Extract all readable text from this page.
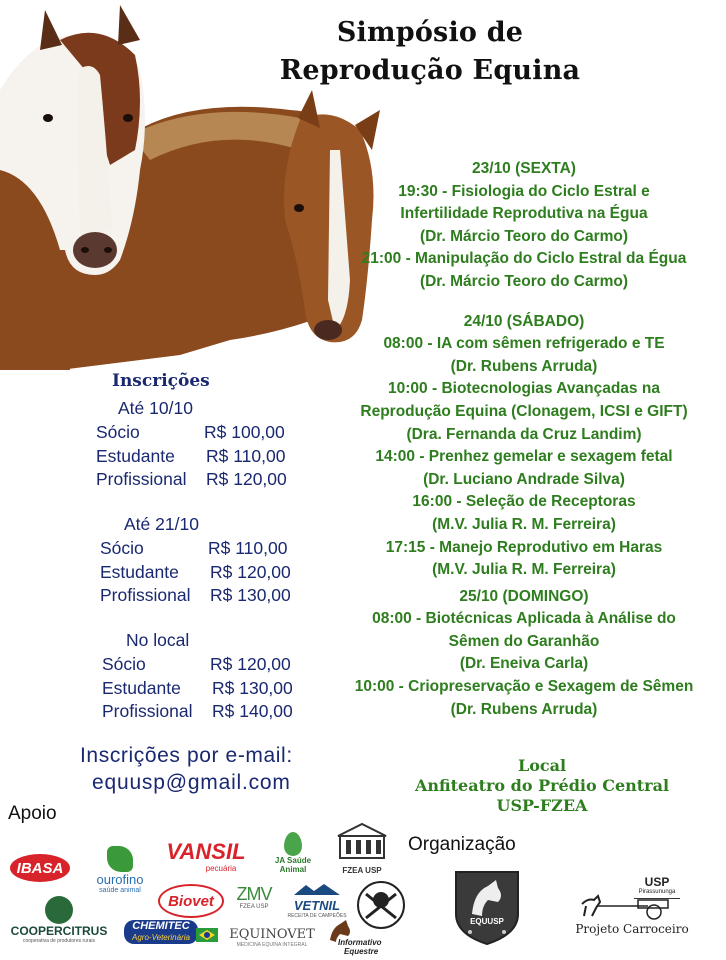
Simpósio de
Reprodução Equina
23/10 (SEXTA)
19:30 - Fisiologia do Ciclo Estral e
Infertilidade Reprodutiva na Égua
(Dr. Márcio Teoro do Carmo)
21:00 - Manipulação do Ciclo Estral da Égua
(Dr. Márcio Teoro do Carmo)
24/10 (SÁBADO)
08:00 - IA com sêmen refrigerado e TE
(Dr. Rubens Arruda)
10:00 - Biotecnologias Avançadas na
Reprodução Equina (Clonagem, ICSI e GIFT)
(Dra. Fernanda da Cruz Landim)
14:00 - Prenhez gemelar e sexagem fetal
(Dr. Luciano Andrade Silva)
16:00 - Seleção de Receptoras
(M.V. Julia R. M. Ferreira)
17:15 - Manejo Reprodutivo em Haras
(M.V. Julia R. M. Ferreira)
25/10 (DOMINGO)
08:00 - Biotécnicas Aplicada à Análise do
Sêmen do Garanhão
(Dr. Eneiva Carla)
10:00 - Criopreservação e Sexagem de Sêmen
(Dr. Rubens Arruda)
Inscrições
Até 10/10
Sócio	R$ 100,00
Estudante R$ 110,00
Profissional R$ 120,00
Até 21/10
Sócio	R$ 110,00
Estudante R$ 120,00
Profissional R$ 130,00
No local
Sócio	R$ 120,00
Estudante R$ 130,00
Profissional R$ 140,00
Inscrições por e-mail:
equusp@gmail.com
Local
Anfiteatro do Prédio Central
USP-FZEA
Apoio
Organização
IBASA
ourofino
saúde animal
VANSIL
pecuária
JA Saúde Animal	FZEA USP
Biovet	ZMV
FZEA USP	VETNIL
RECEITA DE CAMPEÕES
COOPERCITRUS
cooperativa de produtores rurais
CHEMITEC
Agro-Veterinária	EQUINOVET
MEDICINA EQUINA INTEGRAL	Informativo
Equestre
EQUUSP
USP
Pirassununga
Projeto Carroceiro
